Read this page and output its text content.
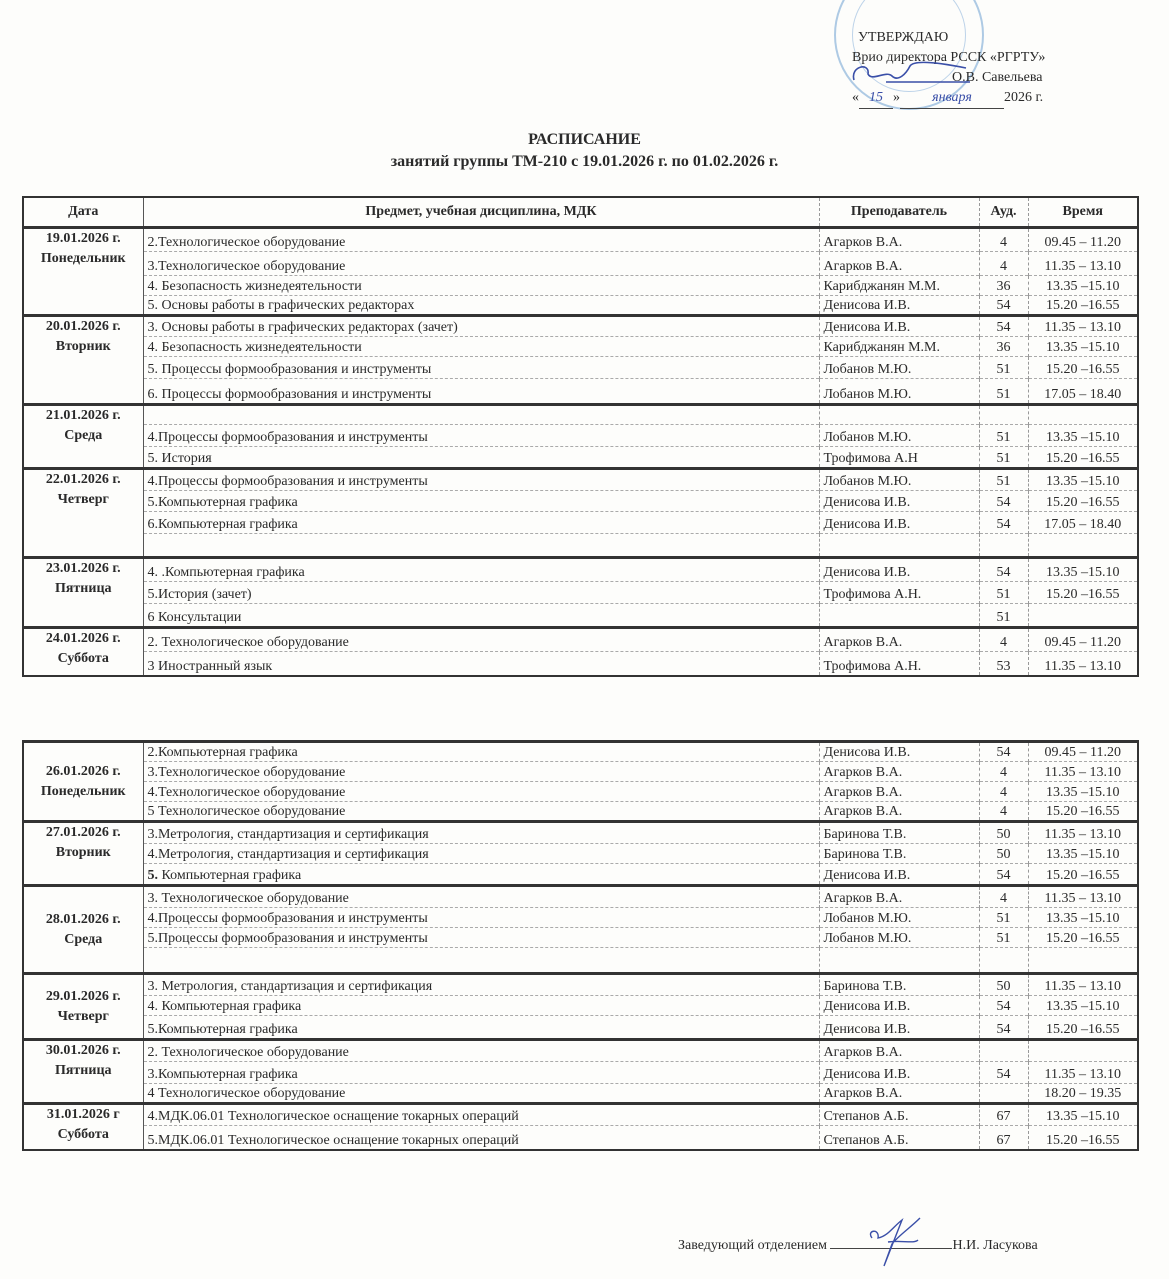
УТВЕРЖДАЮ
Врио директора РССК «РГРТУ»
О.В. Савельева
« 15 » января 2026 г.
РАСПИСАНИЕ
занятий группы ТМ-210 с 19.01.2026 г. по 01.02.2026 г.
Дата	Предмет, учебная дисциплина, МДК	Преподаватель	Ауд.	Время

19.01.2026 г.
Понедельник	2.Технологическое оборудование	Агарков В.А.	4	09.45 – 11.20
	3.Технологическое оборудование	Агарков В.А.	4	11.35 – 13.10
	4. Безопасность жизнедеятельности	Карибджанян М.М.	36	13.35 –15.10
	5. Основы работы в графических редакторах	Денисова И.В.	54	15.20 –16.55

20.01.2026 г.
Вторник	3. Основы работы в графических редакторах (зачет)	Денисова И.В.	54	11.35 – 13.10
	4. Безопасность жизнедеятельности	Карибджанян М.М.	36	13.35 –15.10
	5. Процессы формообразования и инструменты	Лобанов М.Ю.	51	15.20 –16.55
	6. Процессы формообразования и инструменты	Лобанов М.Ю.	51	17.05 – 18.40

21.01.2026 г.
Среда				

	4.Процессы формообразования и инструменты	Лобанов М.Ю.	51	13.35 –15.10
	5. История	Трофимова А.Н	51	15.20 –16.55

22.01.2026 г.
Четверг	4.Процессы формообразования и инструменты	Лобанов М.Ю.	51	13.35 –15.10
	5.Компьютерная графика	Денисова И.В.	54	15.20 –16.55
	6.Компьютерная графика	Денисова И.В.	54	17.05 – 18.40

23.01.2026 г.
Пятница	4. .Компьютерная графика	Денисова И.В.	54	13.35 –15.10
	5.История (зачет)	Трофимова А.Н.	51	15.20 –16.55
	6 Консультации		51	

24.01.2026 г.
Суббота	2. Технологическое оборудование	Агарков В.А.	4	09.45 – 11.20
	3 Иностранный язык	Трофимова А.Н.	53	11.35 – 13.10
26.01.2026 г.
Понедельник	2.Компьютерная графика	Денисова И.В.	54	09.45 – 11.20
	3.Технологическое оборудование	Агарков В.А.	4	11.35 – 13.10
	4.Технологическое оборудование	Агарков В.А.	4	13.35 –15.10
	5 Технологическое оборудование	Агарков В.А.	4	15.20 –16.55

27.01.2026 г.
Вторник	3.Метрология, стандартизация и сертификация	Баринова Т.В.	50	11.35 – 13.10
	4.Метрология, стандартизация и сертификация	Баринова Т.В.	50	13.35 –15.10
	5. Компьютерная графика	Денисова И.В.	54	15.20 –16.55

28.01.2026 г.
Среда	3. Технологическое оборудование	Агарков В.А.	4	11.35 – 13.10
	4.Процессы формообразования и инструменты	Лобанов М.Ю.	51	13.35 –15.10
	5.Процессы формообразования и инструменты	Лобанов М.Ю.	51	15.20 –16.55

29.01.2026 г.
Четверг	3. Метрология, стандартизация и сертификация	Баринова Т.В.	50	11.35 – 13.10
	4. Компьютерная графика	Денисова И.В.	54	13.35 –15.10
	5.Компьютерная графика	Денисова И.В.	54	15.20 –16.55

30.01.2026 г.
Пятница	2. Технологическое оборудование	Агарков В.А.		
	3.Компьютерная графика	Денисова И.В.	54	11.35 – 13.10
	4 Технологическое оборудование	Агарков В.А.		18.20 – 19.35

31.01.2026 г
Суббота	4.МДК.06.01 Технологическое оснащение токарных операций	Степанов А.Б.	67	13.35 –15.10
	5.МДК.06.01 Технологическое оснащение токарных операций	Степанов А.Б.	67	15.20 –16.55
Заведующий отделением	Н.И. Ласукова
